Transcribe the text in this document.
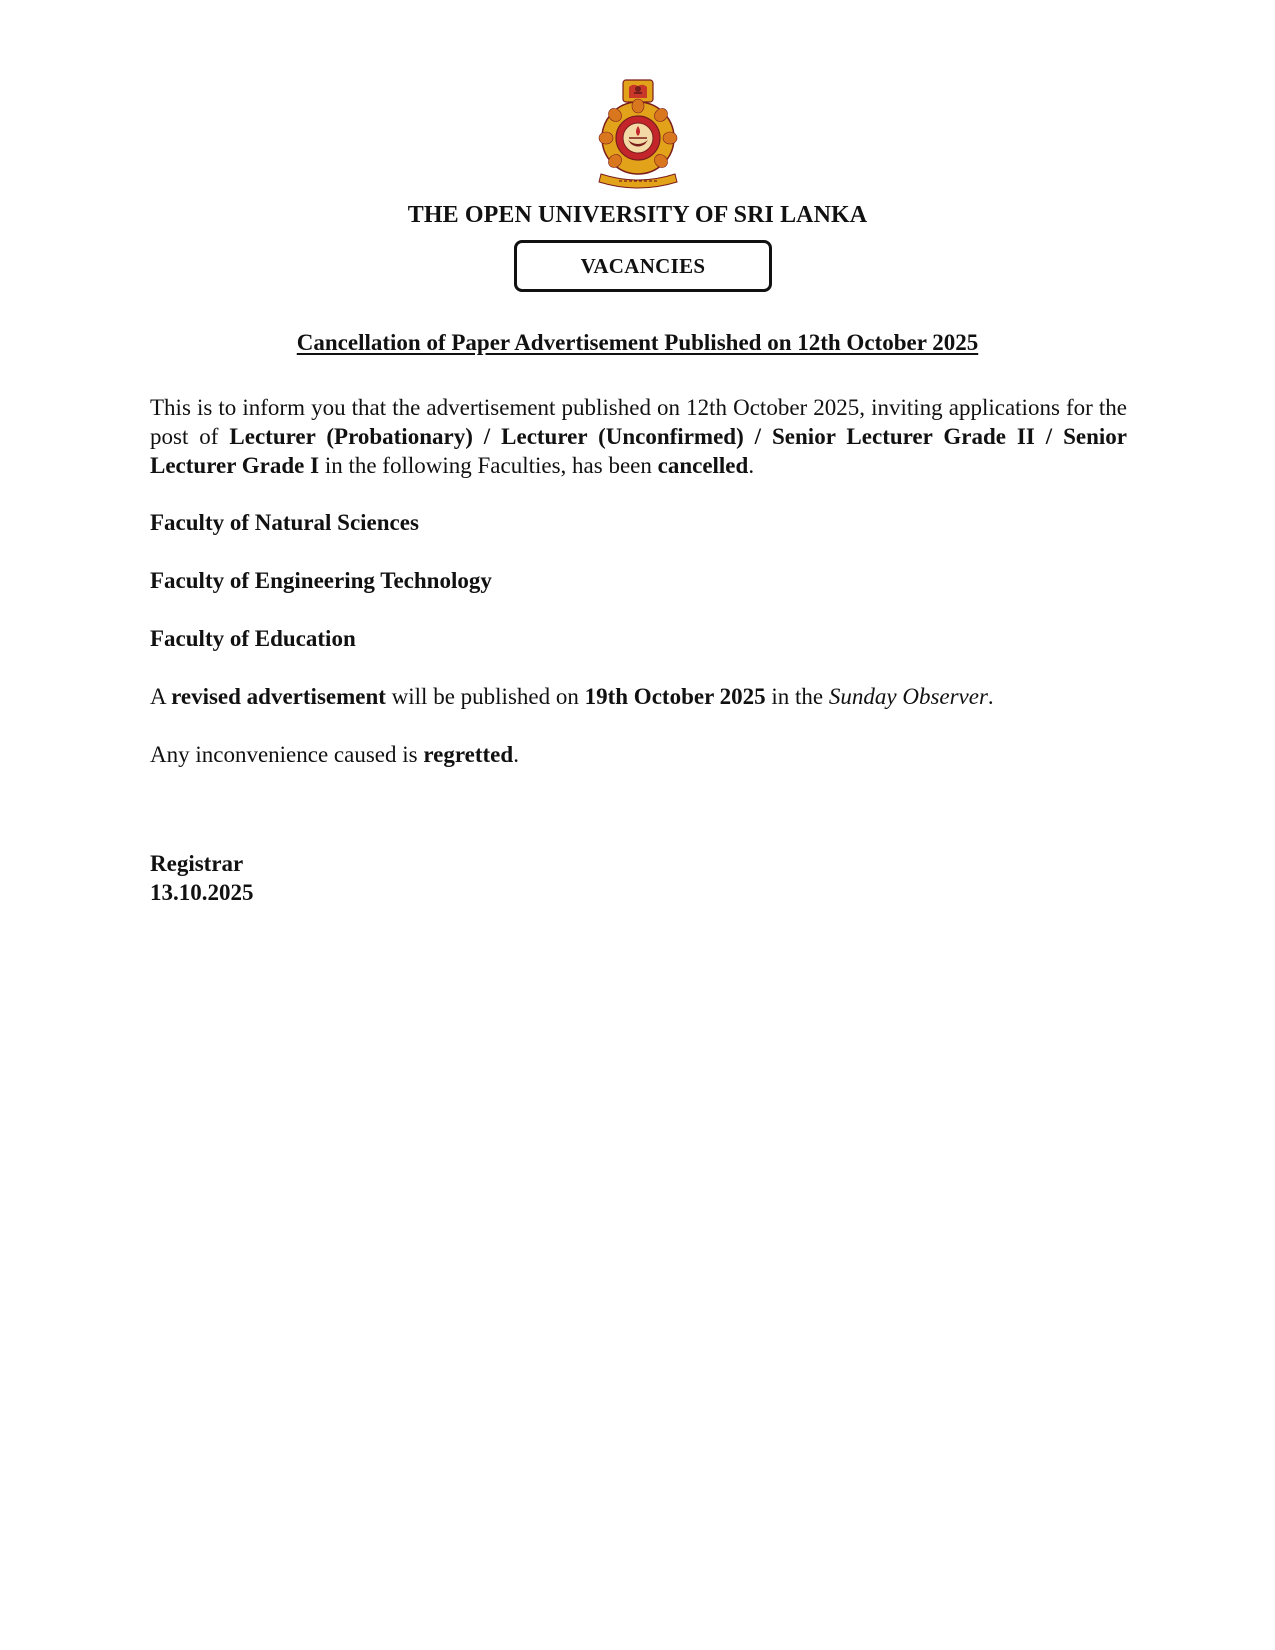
THE OPEN UNIVERSITY OF SRI LANKA
VACANCIES
Cancellation of Paper Advertisement Published on 12th October 2025
This is to inform you that the advertisement published on 12th October 2025, inviting applications for the post of Lecturer (Probationary) / Lecturer (Unconfirmed) / Senior Lecturer Grade II / Senior Lecturer Grade I in the following Faculties, has been cancelled.
Faculty of Natural Sciences
Faculty of Engineering Technology
Faculty of Education
A revised advertisement will be published on 19th October 2025 in the Sunday Observer.
Any inconvenience caused is regretted.
Registrar
13.10.2025
